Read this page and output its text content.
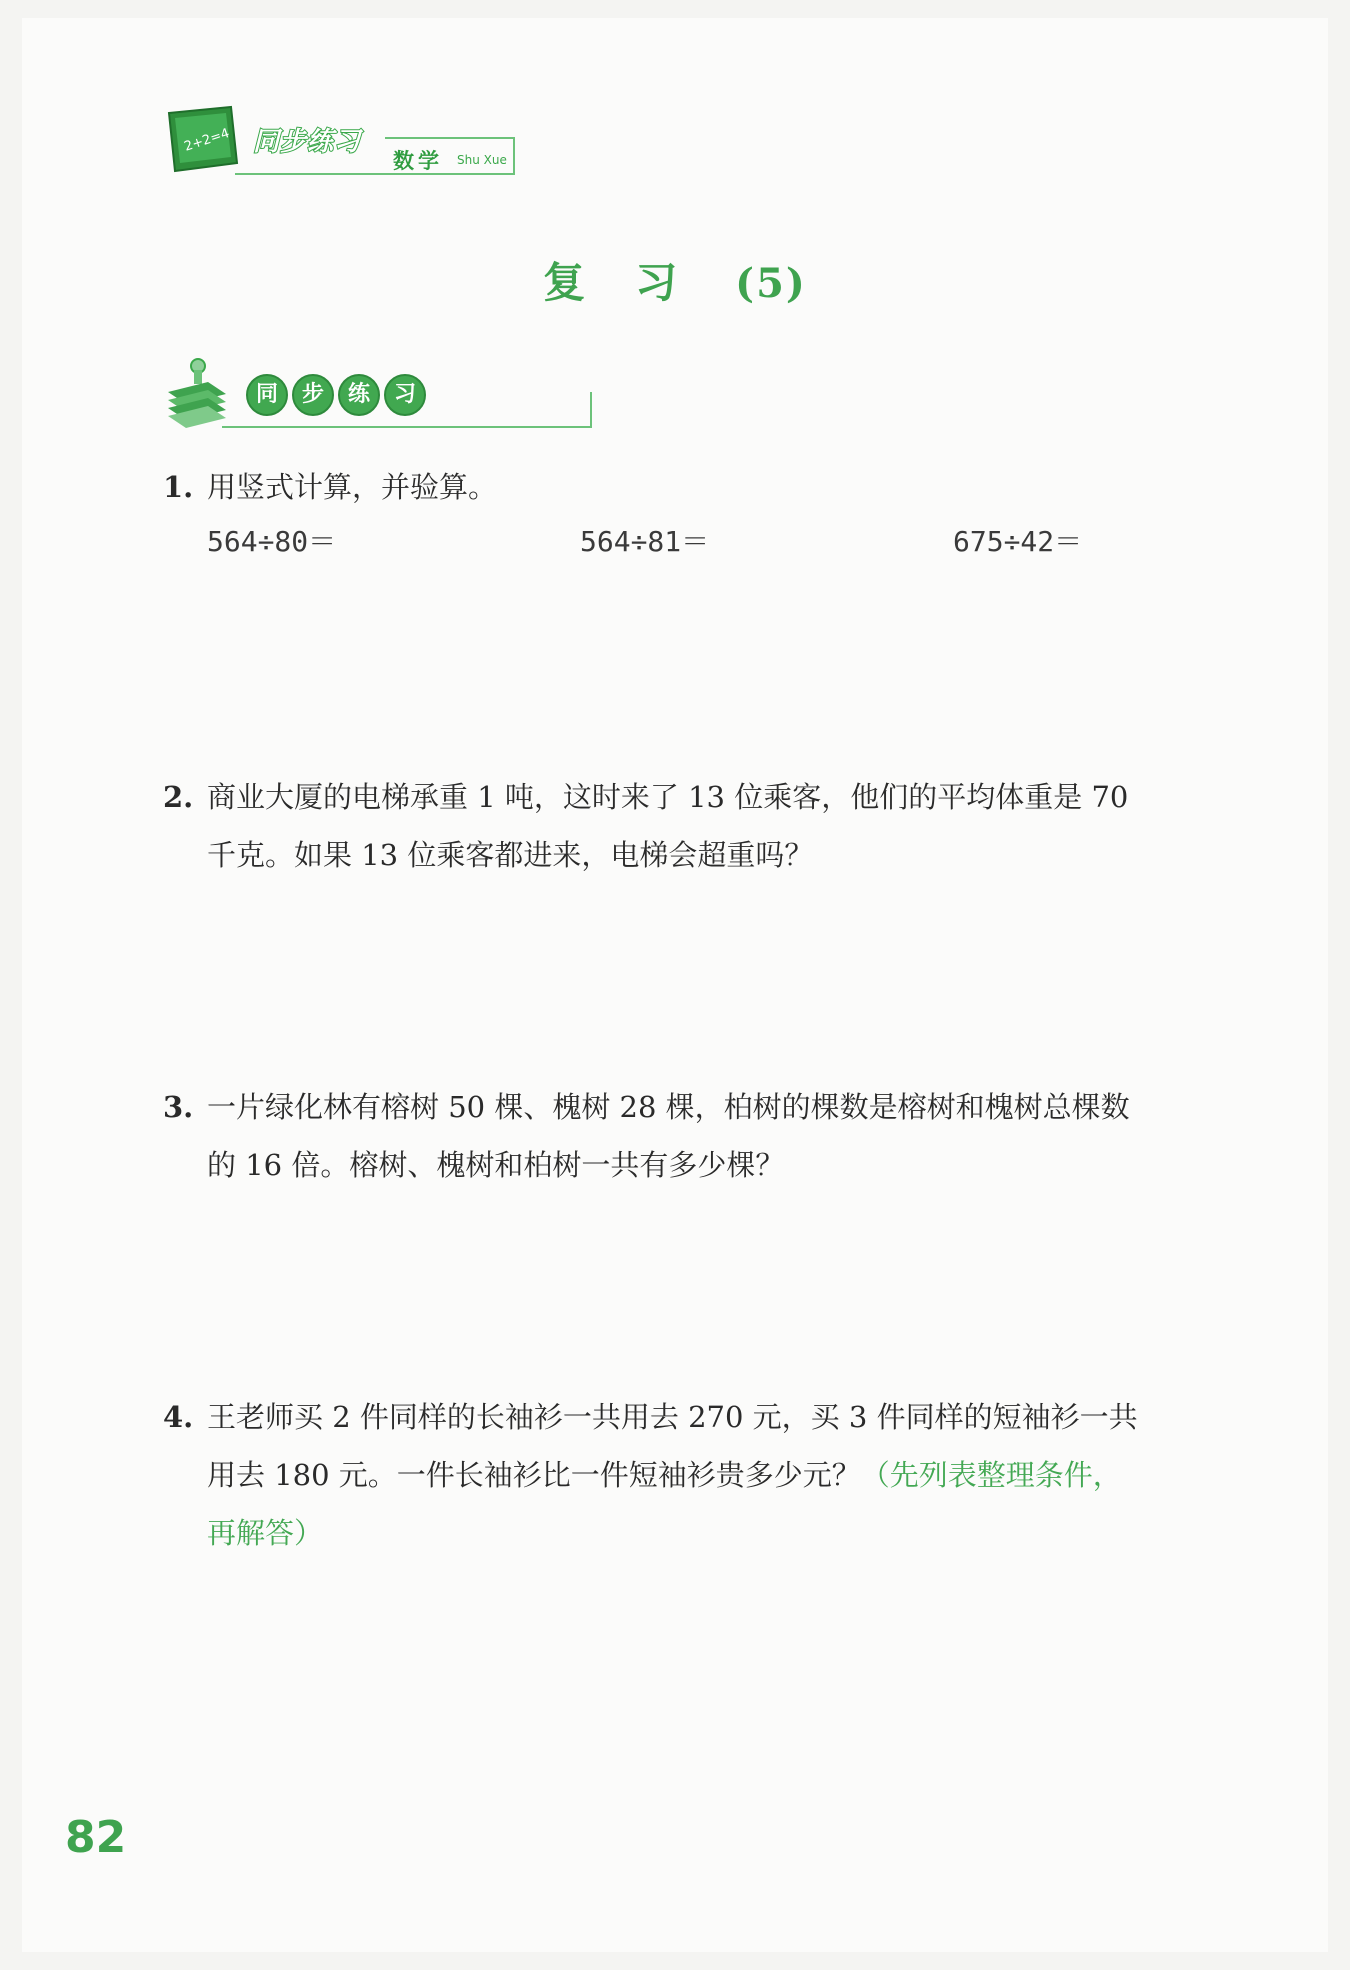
2+2=4 同步练习
数学 Shu Xue
复 习 (5)
同	步	练	习
1. 用竖式计算，并验算。
564÷80＝	564÷81＝	675÷42＝
2. 商业大厦的电梯承重 1 吨，这时来了 13 位乘客，他们的平均体重是 70
千克。如果 13 位乘客都进来，电梯会超重吗？
3. 一片绿化林有榕树 50 棵、槐树 28 棵，柏树的棵数是榕树和槐树总棵数
的 16 倍。榕树、槐树和柏树一共有多少棵？
4. 王老师买 2 件同样的长袖衫一共用去 270 元，买 3 件同样的短袖衫一共
用去 180 元。一件长袖衫比一件短袖衫贵多少元？（先列表整理条件，
再解答）
82
